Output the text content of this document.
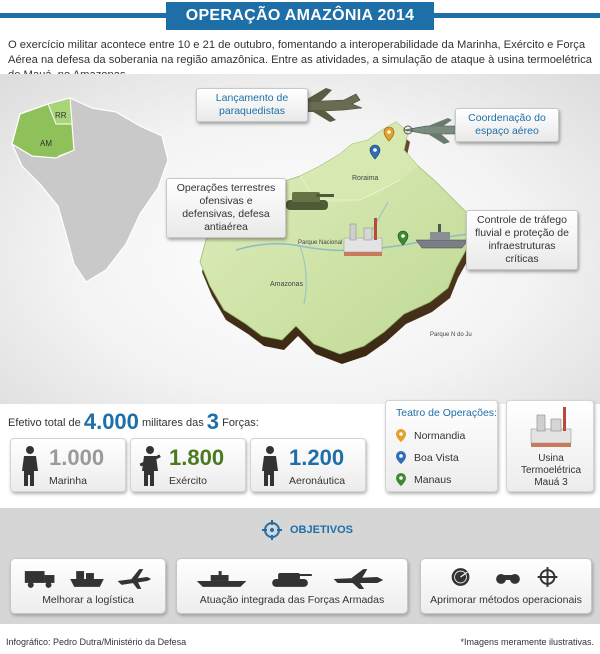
OPERAÇÃO AMAZÔNIA 2014

O exercício militar acontece entre 10 e 21 de outubro, fomentando a interoperabilidade da Marinha, Exército e Força Aérea na defesa da soberania na região amazônica. Entre as atividades, a simulação de ataque à usina termoelétrica

RR
AM
Roraima
Amazonas
Parque Nacional
Parque N do Ju
Lançamento de paraquedistas
Coordenação do espaço aéreo
Operações terrestres ofensivas e defensivas, defesa antiaérea
Controle de tráfego fluvial e proteção de infraestruturas críticas
Efetivo total de 4.000 militares das 3 Forças:
1.000
Marinha
1.800
Exército
1.200
Aeronáutica
Teatro de Operações:
Normandia
Boa Vista
Manaus
Usina
Termoelétrica
Mauá 3
OBJETIVOS
Melhorar a logística	Atuação integrada das Forças Armadas	Aprimorar métodos operacionais
Infográfico: Pedro Dutra/Ministério da Defesa	*Imagens meramente ilustrativas.
